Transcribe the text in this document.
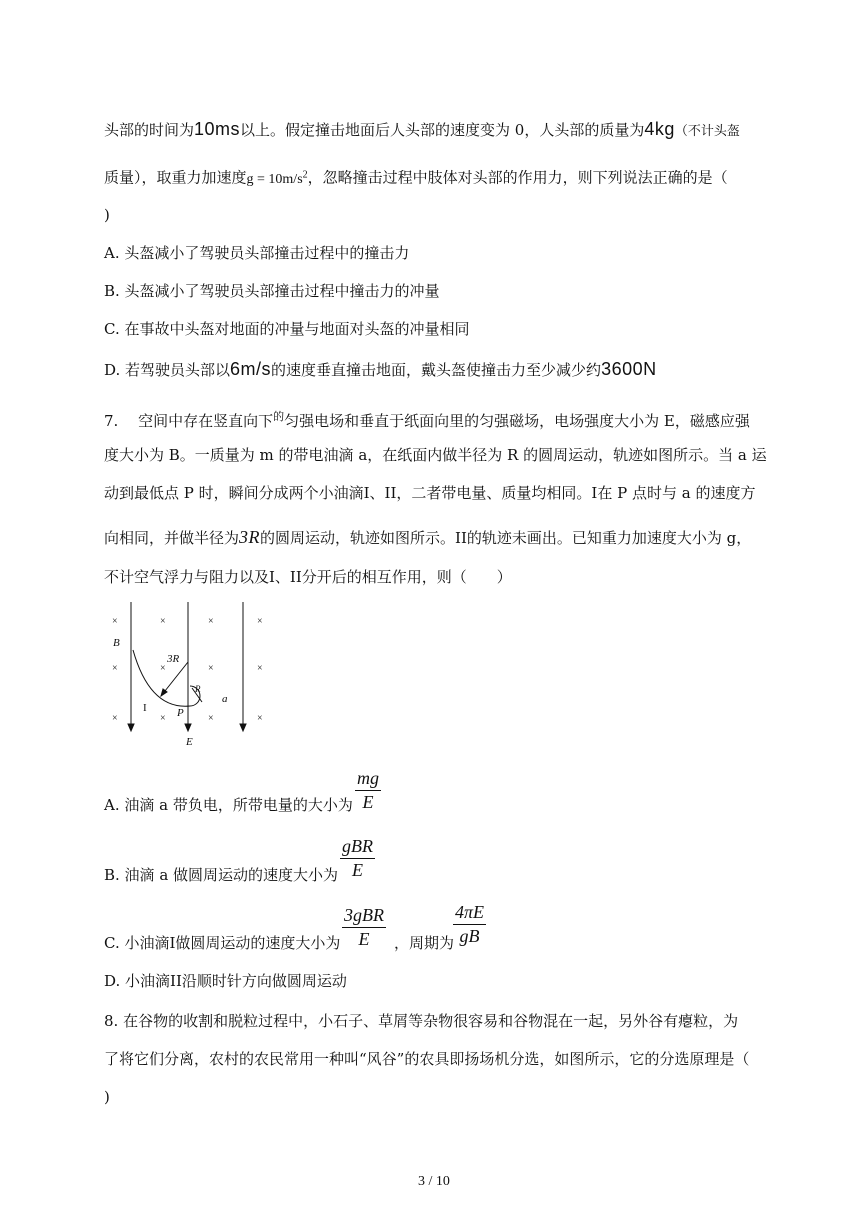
头部的时间为10ms以上。假定撞击地面后人头部的速度变为 0，人头部的质量为4kg（不计头盔
质量），取重力加速度$g = 10m/s^2$，忽略撞击过程中肢体对头部的作用力，则下列说法正确的是（
)
A. 头盔减小了驾驶员头部撞击过程中的撞击力
B. 头盔减小了驾驶员头部撞击过程中撞击力的冲量
C. 在事故中头盔对地面的冲量与地面对头盔的冲量相同
D. 若驾驶员头部以6m/s的速度垂直撞击地面，戴头盔使撞击力至少减少约3600N
7.　 空间中存在竖直向下$^的$匀强电场和垂直于纸面向里的匀强磁场，电场强度大小为 E，磁感应强
度大小为 B。一质量为 m 的带电油滴 a，在纸面内做半径为 R 的圆周运动，轨迹如图所示。当 a 运
动到最低点 P 时，瞬间分成两个小油滴I、II，二者带电量、质量均相同。I在 P 点时与 a 的速度方
向相同，并做半径为3R的圆周运动，轨迹如图所示。II的轨迹未画出。已知重力加速度大小为 g，
不计空气浮力与阻力以及I、II分开后的相互作用，则（　　）
×	×	×	×
×	×	×	×
×	×	×	×
B
3R
R
P
I
a
E
A. 油滴 a 带负电，所带电量的大小为
mg
E
B. 油滴 a 做圆周运动的速度大小为
gBR
E
C. 小油滴I做圆周运动的速度大小为
3gBR
E	，周期为
4πE
gB
D. 小油滴II沿顺时针方向做圆周运动
8. 在谷物的收割和脱粒过程中，小石子、草屑等杂物很容易和谷物混在一起，另外谷有瘪粒，为
了将它们分离，农村的农民常用一种叫“风谷”的农具即扬场机分选，如图所示，它的分选原理是（
)
3 / 10
